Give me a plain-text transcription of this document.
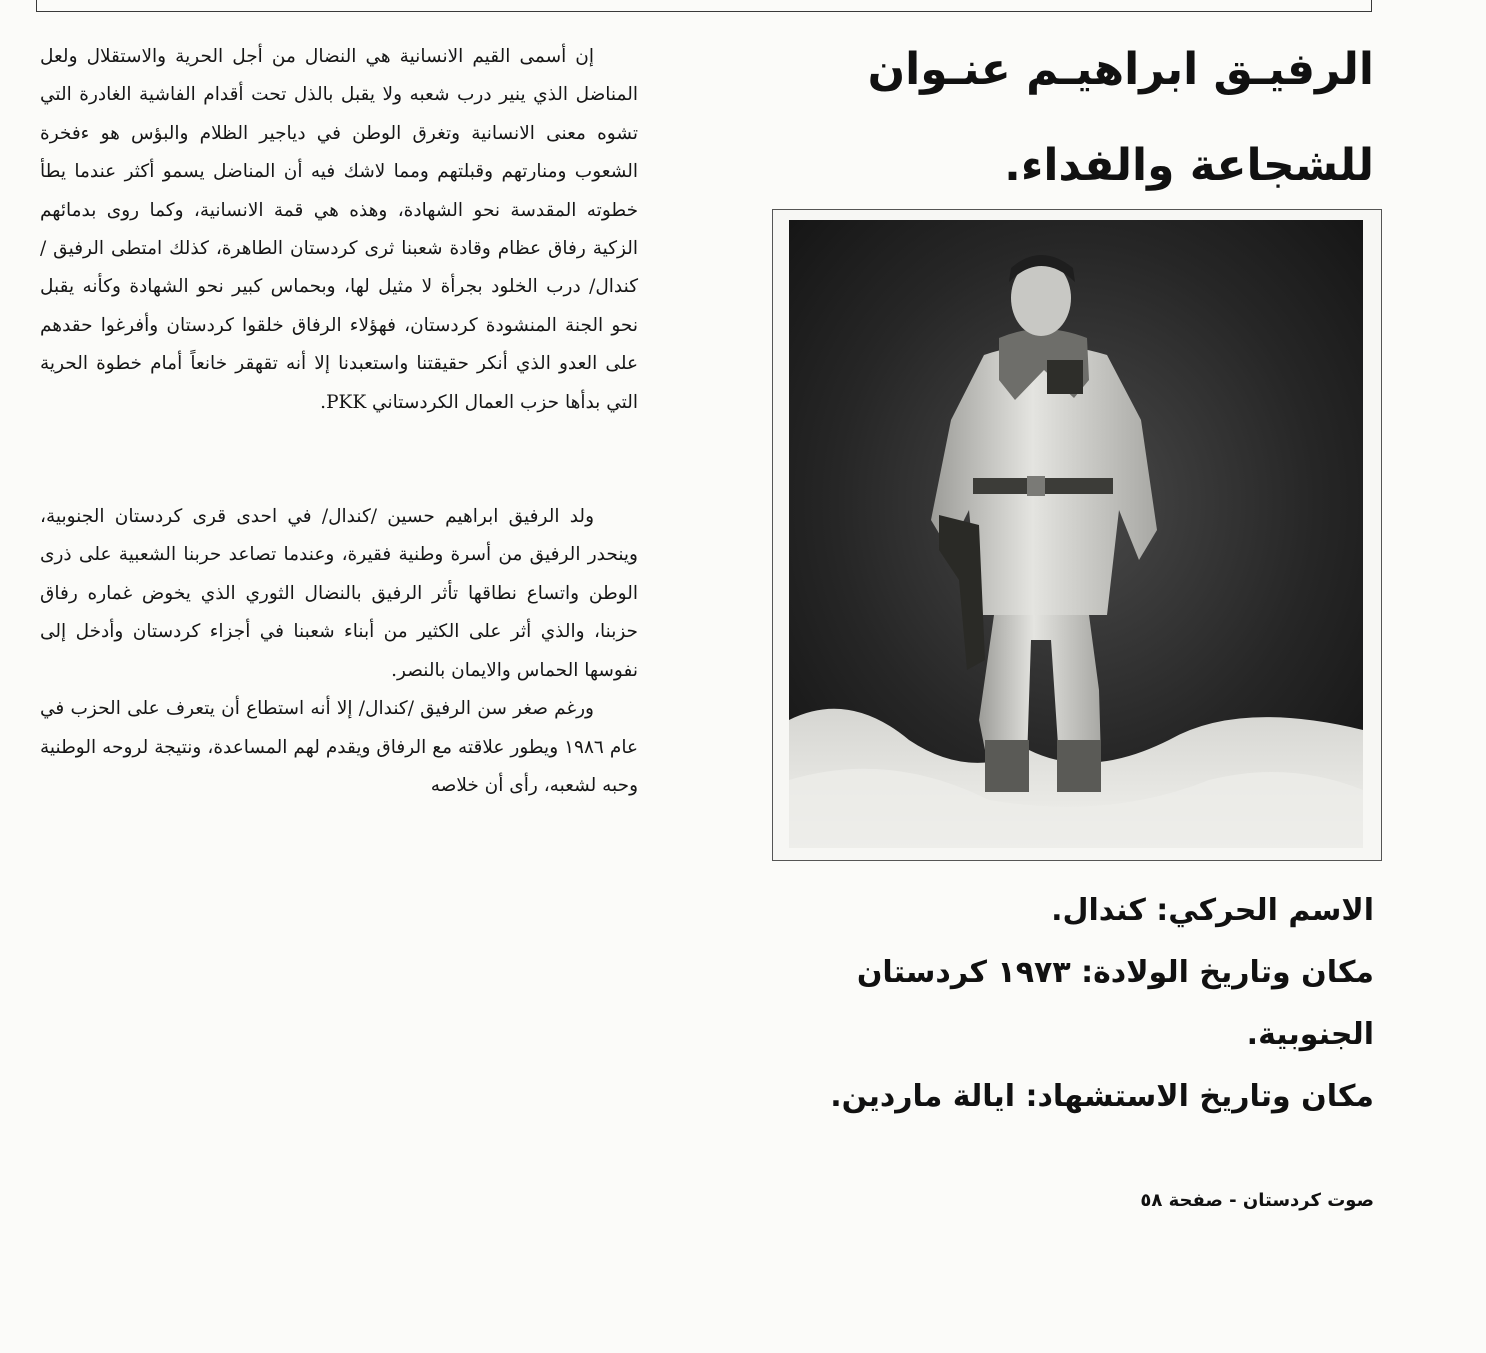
الرفيـق ابراهيـم عنـوان
للشجاعة والفداء.
الاسم الحركي: كندال.
مكان وتاريخ الولادة: ١٩٧٣ كردستان الجنوبية.
مكان وتاريخ الاستشهاد: ايالة ماردين.
صوت كردستان - صفحة ٥٨

إن أسمى القيم الانسانية هي النضال من أجل الحرية والاستقلال ولعل المناضل الذي ينير درب شعبه ولا يقبل بالذل تحت أقدام الفاشية الغادرة التي تشوه معنى الانسانية وتغرق الوطن في دياجير الظلام والبؤس هو ءفخرة الشعوب ومنارتهم وقبلتهم ومما لاشك فيه أن المناضل يسمو أكثر عندما يطأ خطوته المقدسة نحو الشهادة، وهذه هي قمة الانسانية، وكما روى بدمائهم الزكية رفاق عظام وقادة شعبنا ثرى كردستان الطاهرة، كذلك امتطى الرفيق /كندال/ درب الخلود بجرأة لا مثيل لها، وبحماس كبير نحو الشهادة وكأنه يقبل نحو الجنة المنشودة كردستان، فهؤلاء الرفاق خلقوا كردستان وأفرغوا حقدهم على العدو الذي أنكر حقيقتنا واستعبدنا إلا أنه تقهقر خانعاً أمام خطوة الحرية التي بدأها حزب العمال الكردستاني PKK.

ولد الرفيق ابراهيم حسين /كندال/ في احدى قرى كردستان الجنوبية، وينحدر الرفيق من أسرة وطنية فقيرة، وعندما تصاعد حربنا الشعبية على ذرى الوطن واتساع نطاقها تأثر الرفيق بالنضال الثوري الذي يخوض غماره رفاق حزبنا، والذي أثر على الكثير من أبناء شعبنا في أجزاء كردستان وأدخل إلى نفوسها الحماس والايمان بالنصر.

ورغم صغر سن الرفيق /كندال/ إلا أنه استطاع أن يتعرف على الحزب في عام ١٩٨٦ ويطور علاقته مع الرفاق ويقدم لهم المساعدة، ونتيجة لروحه الوطنية وحبه لشعبه، رأى أن خلاصه
